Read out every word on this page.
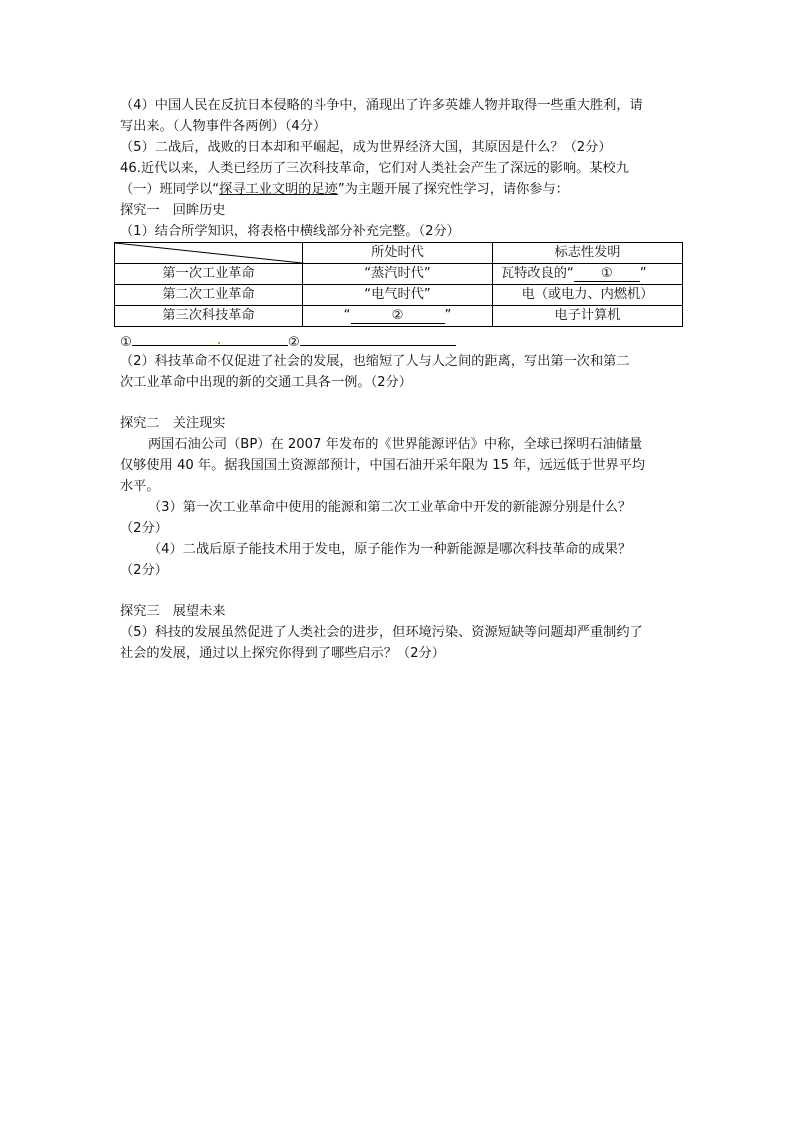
（4）中国人民在反抗日本侵略的斗争中，涌现出了许多英雄人物并取得一些重大胜利，请
写出来。（人物事件各两例）（4分）
（5）二战后，战败的日本却和平崛起，成为世界经济大国，其原因是什么？（2分）
46.近代以来，人类已经历了三次科技革命，它们对人类社会产生了深远的影响。某校九
（一）班同学以“探寻工业文明的足迹”为主题开展了探究性学习，请你参与：
探究一　回眸历史
（1）结合所学知识，将表格中横线部分补充完整。（2分）
	所处时代	标志性发明
第一次工业革命	“蒸汽时代”	瓦特改良的“ ① ”
第二次工业革命	“电气时代”	电（或电力、内燃机）
第三次科技革命	“ ② ”	电子计算机
①	②
（2）科技革命不仅促进了社会的发展，也缩短了人与人之间的距离，写出第一次和第二
次工业革命中出现的新的交通工具各一例。（2分）
探究二　关注现实
两国石油公司（BP）在 2007 年发布的《世界能源评估》中称，全球已探明石油储量
仅够使用 40 年。据我国国土资源部预计，中国石油开采年限为 15 年，远远低于世界平均
水平。
（3）第一次工业革命中使用的能源和第二次工业革命中开发的新能源分别是什么？
（2分）
（4）二战后原子能技术用于发电，原子能作为一种新能源是哪次科技革命的成果？
（2分）
探究三　展望未来
（5）科技的发展虽然促进了人类社会的进步，但环境污染、资源短缺等问题却严重制约了
社会的发展，通过以上探究你得到了哪些启示？（2分）
